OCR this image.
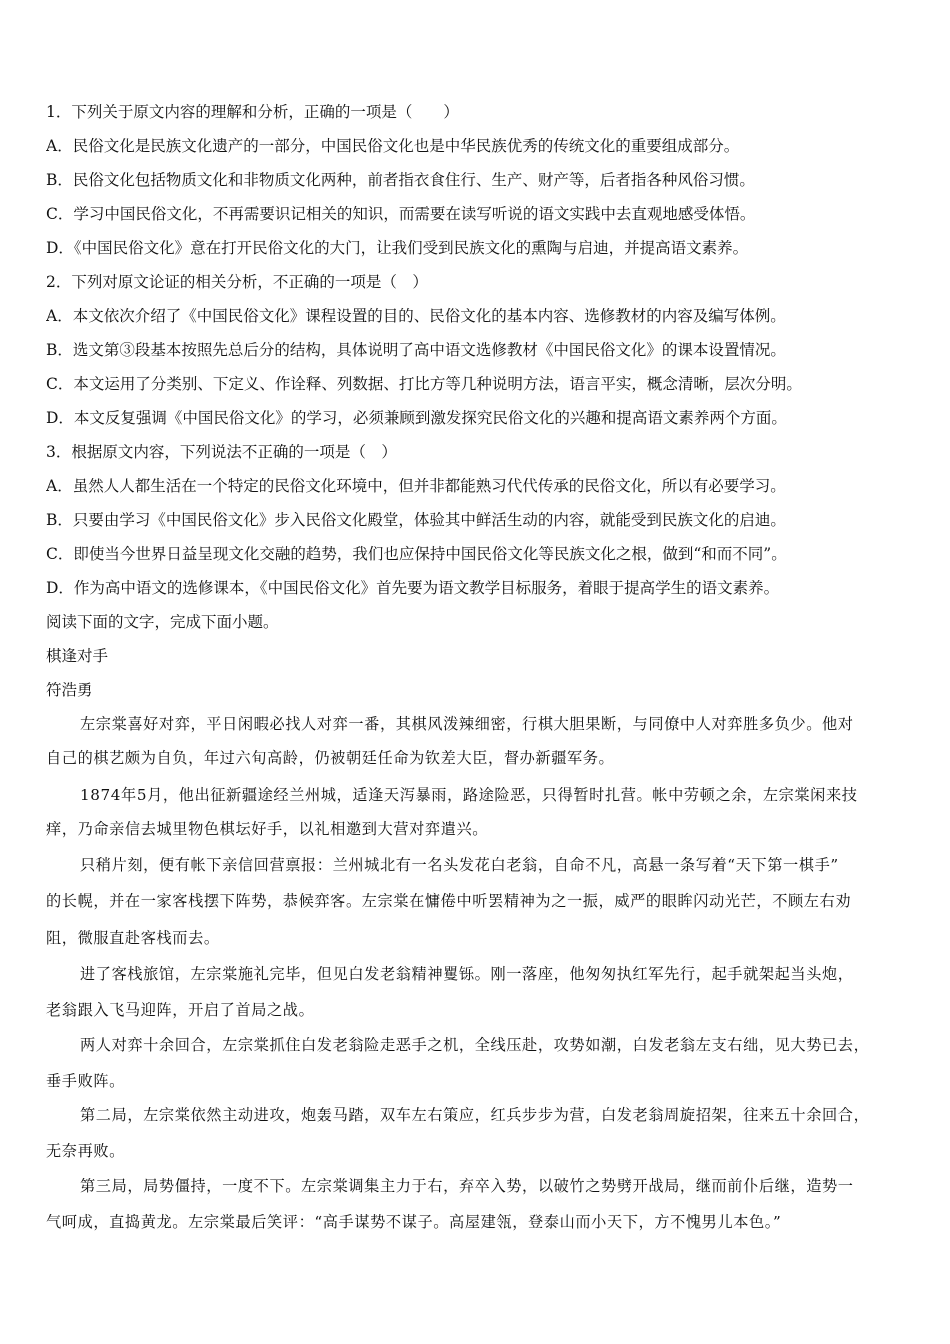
1．下列关于原文内容的理解和分析，正确的一项是（　　）
A．民俗文化是民族文化遗产的一部分，中国民俗文化也是中华民族优秀的传统文化的重要组成部分。
B．民俗文化包括物质文化和非物质文化两种，前者指衣食住行、生产、财产等，后者指各种风俗习惯。
C．学习中国民俗文化，不再需要识记相关的知识，而需要在读写听说的语文实践中去直观地感受体悟。
D．《中国民俗文化》意在打开民俗文化的大门，让我们受到民族文化的熏陶与启迪，并提高语文素养。
2．下列对原文论证的相关分析，不正确的一项是（　）
A．本文依次介绍了《中国民俗文化》课程设置的目的、民俗文化的基本内容、选修教材的内容及编写体例。
B．选文第③段基本按照先总后分的结构，具体说明了高中语文选修教材《中国民俗文化》的课本设置情况。
C．本文运用了分类别、下定义、作诠释、列数据、打比方等几种说明方法，语言平实，概念清晰，层次分明。
D．本文反复强调《中国民俗文化》的学习，必须兼顾到激发探究民俗文化的兴趣和提高语文素养两个方面。
3．根据原文内容，下列说法不正确的一项是（　）
A．虽然人人都生活在一个特定的民俗文化环境中，但并非都能熟习代代传承的民俗文化，所以有必要学习。
B．只要由学习《中国民俗文化》步入民俗文化殿堂，体验其中鲜活生动的内容，就能受到民族文化的启迪。
C．即使当今世界日益呈现文化交融的趋势，我们也应保持中国民俗文化等民族文化之根，做到“和而不同”。
D．作为高中语文的选修课本，《中国民俗文化》首先要为语文教学目标服务，着眼于提高学生的语文素养。
阅读下面的文字，完成下面小题。
棋逢对手
符浩勇
左宗棠喜好对弈，平日闲暇必找人对弈一番，其棋风泼辣细密，行棋大胆果断，与同僚中人对弈胜多负少。他对
自己的棋艺颇为自负，年过六旬高龄，仍被朝廷任命为钦差大臣，督办新疆军务。
1874年5月，他出征新疆途经兰州城，适逢天泻暴雨，路途险恶，只得暂时扎营。帐中劳顿之余，左宗棠闲来技
痒，乃命亲信去城里物色棋坛好手，以礼相邀到大营对弈遣兴。
只稍片刻，便有帐下亲信回营禀报：兰州城北有一名头发花白老翁，自命不凡，高悬一条写着“天下第一棋手”
的长幌，并在一家客栈摆下阵势，恭候弈客。左宗棠在慵倦中听罢精神为之一振，威严的眼眸闪动光芒，不顾左右劝
阻，微服直赴客栈而去。
进了客栈旅馆，左宗棠施礼完毕，但见白发老翁精神矍铄。刚一落座，他匆匆执红军先行，起手就架起当头炮，
老翁跟入飞马迎阵，开启了首局之战。
两人对弈十余回合，左宗棠抓住白发老翁险走恶手之机，全线压赴，攻势如潮，白发老翁左支右绌，见大势已去，
垂手败阵。
第二局，左宗棠依然主动进攻，炮轰马踏，双车左右策应，红兵步步为营，白发老翁周旋招架，往来五十余回合，
无奈再败。
第三局，局势僵持，一度不下。左宗棠调集主力于右，弃卒入势，以破竹之势劈开战局，继而前仆后继，造势一
气呵成，直捣黄龙。左宗棠最后笑评：“高手谋势不谋子。高屋建瓴，登泰山而小天下，方不愧男儿本色。”
